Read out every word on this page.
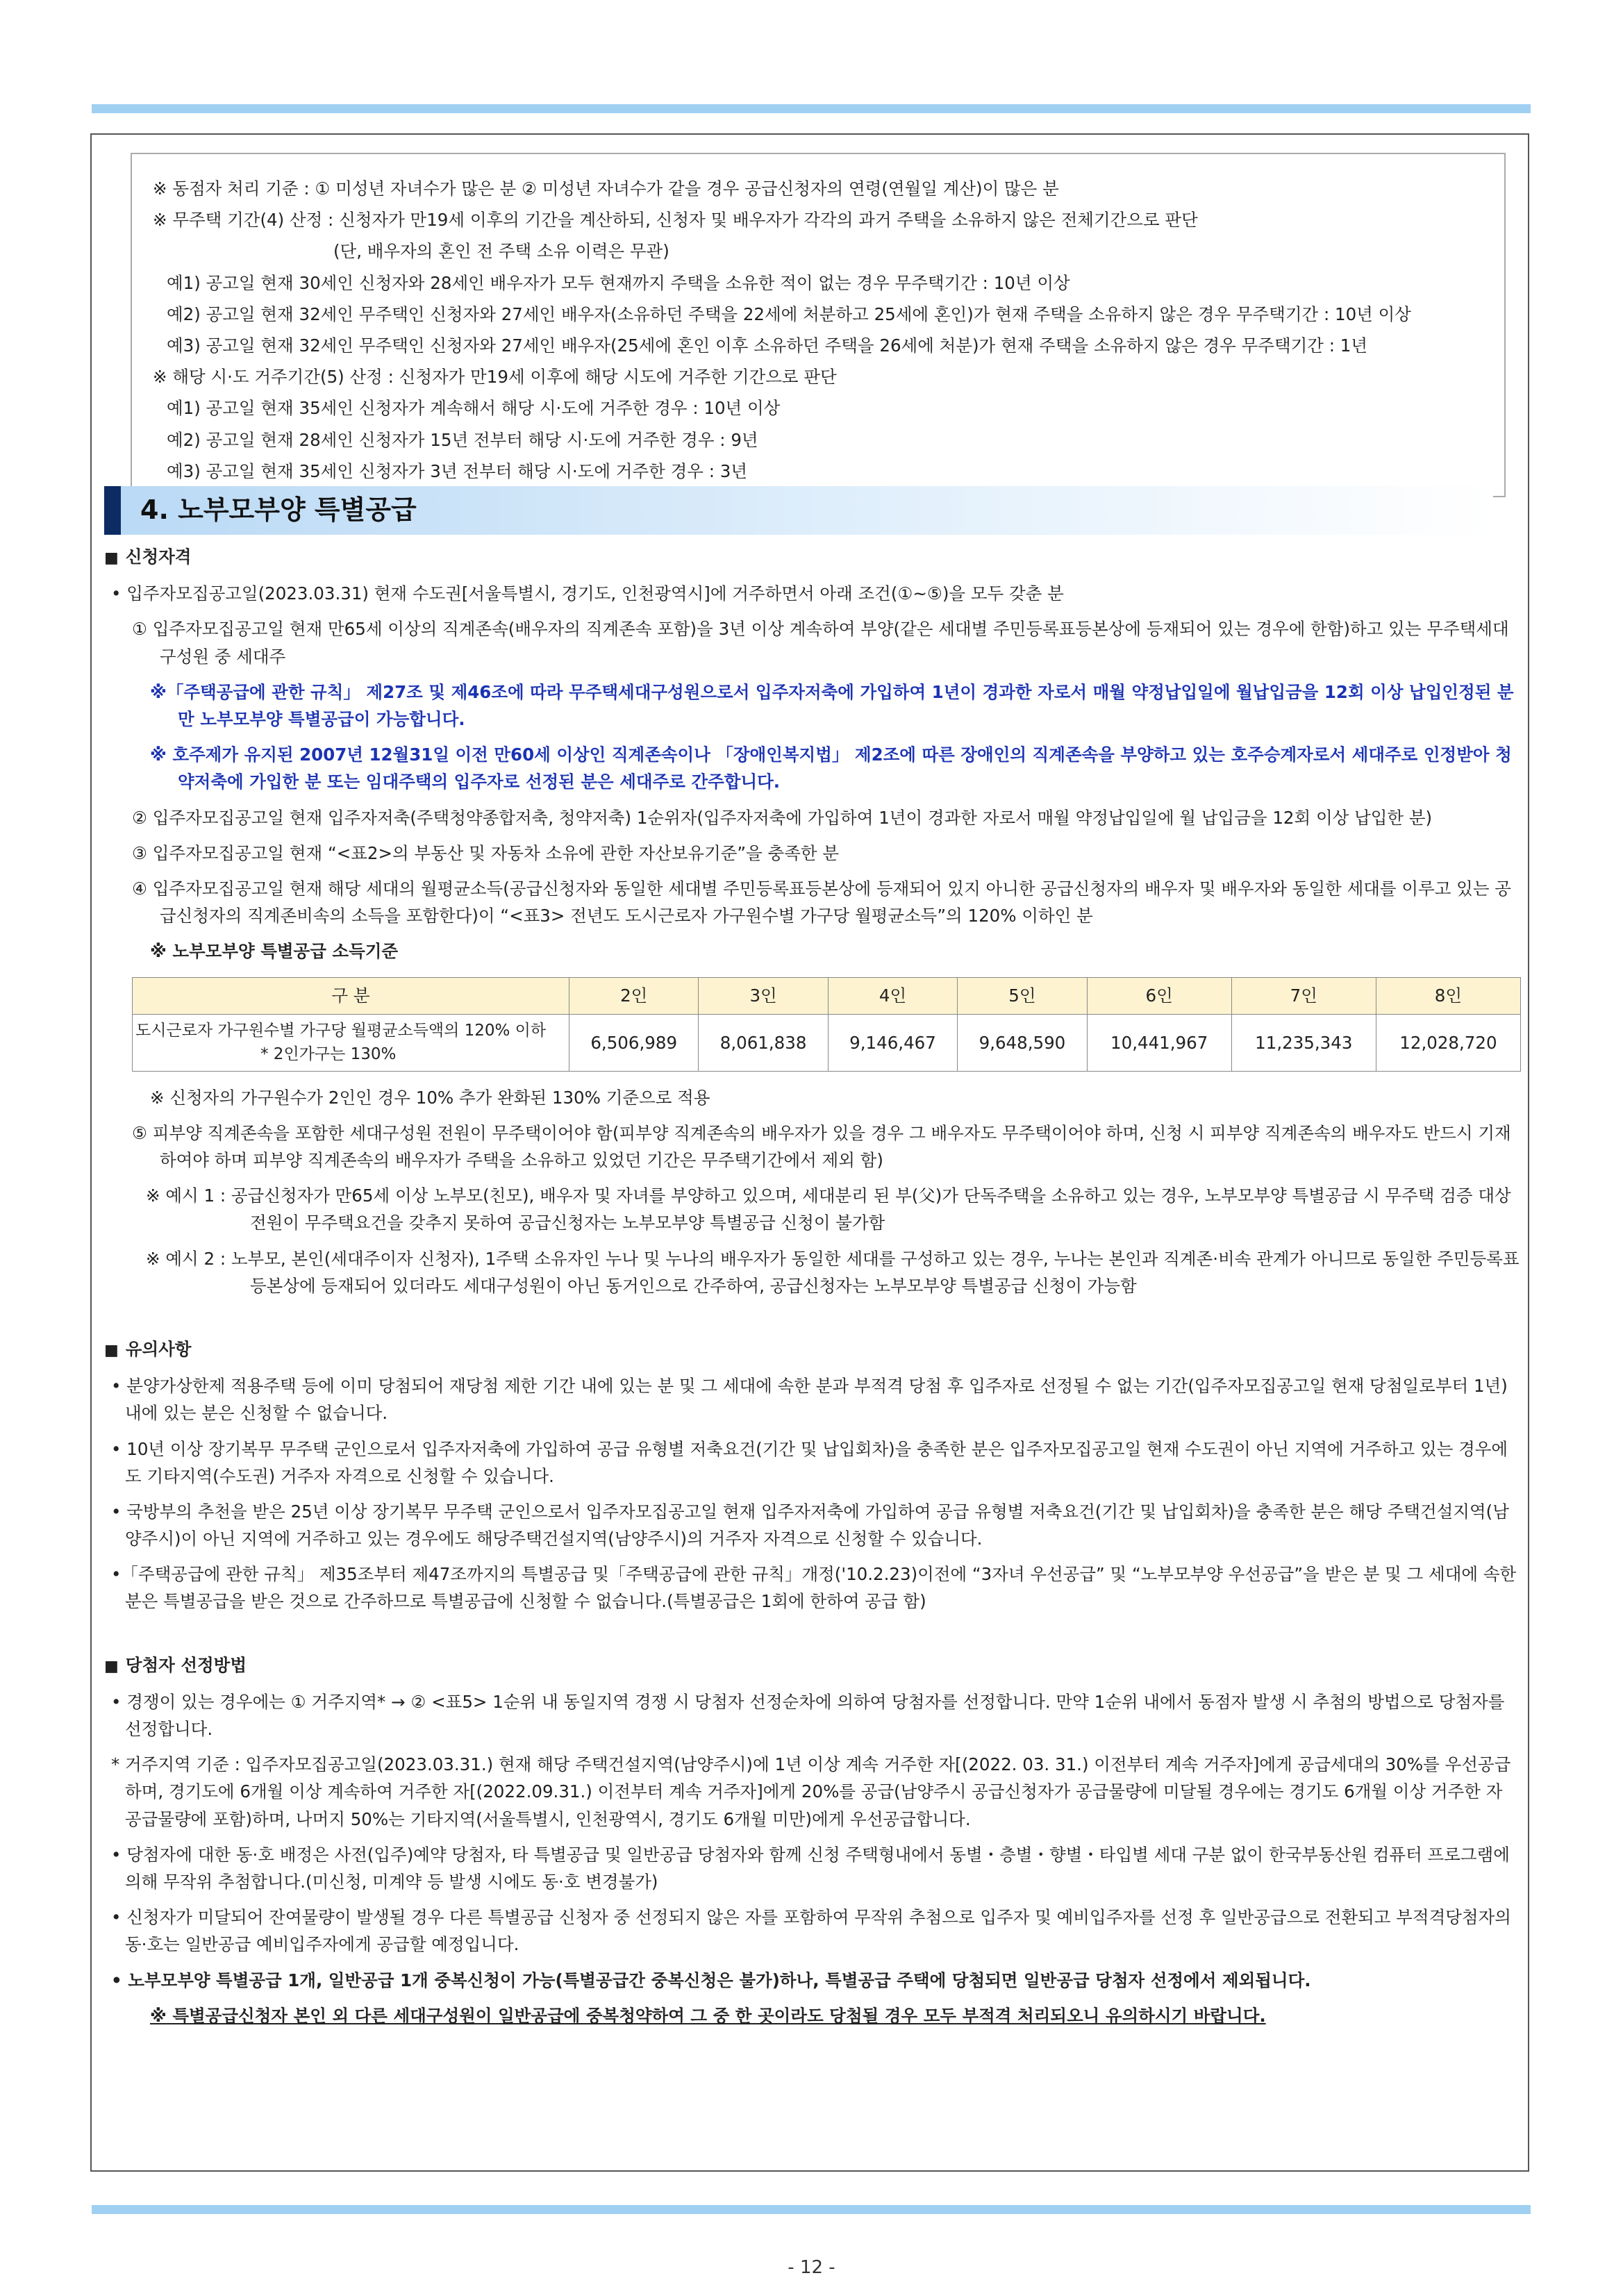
※ 동점자 처리 기준 : ① 미성년 자녀수가 많은 분 ② 미성년 자녀수가 같을 경우 공급신청자의 연령(연월일 계산)이 많은 분
※ 무주택 기간(4) 산정 : 신청자가 만19세 이후의 기간을 계산하되, 신청자 및 배우자가 각각의 과거 주택을 소유하지 않은 전체기간으로 판단
(단, 배우자의 혼인 전 주택 소유 이력은 무관)
예1) 공고일 현재 30세인 신청자와 28세인 배우자가 모두 현재까지 주택을 소유한 적이 없는 경우 무주택기간 : 10년 이상
예2) 공고일 현재 32세인 무주택인 신청자와 27세인 배우자(소유하던 주택을 22세에 처분하고 25세에 혼인)가 현재 주택을 소유하지 않은 경우 무주택기간 : 10년 이상
예3) 공고일 현재 32세인 무주택인 신청자와 27세인 배우자(25세에 혼인 이후 소유하던 주택을 26세에 처분)가 현재 주택을 소유하지 않은 경우 무주택기간 : 1년
※ 해당 시·도 거주기간(5) 산정 : 신청자가 만19세 이후에 해당 시도에 거주한 기간으로 판단
예1) 공고일 현재 35세인 신청자가 계속해서 해당 시·도에 거주한 경우 : 10년 이상
예2) 공고일 현재 28세인 신청자가 15년 전부터 해당 시·도에 거주한 경우 : 9년
예3) 공고일 현재 35세인 신청자가 3년 전부터 해당 시·도에 거주한 경우 : 3년
4. 노부모부양 특별공급
■ 신청자격
• 입주자모집공고일(2023.03.31) 현재 수도권[서울특별시, 경기도, 인천광역시]에 거주하면서 아래 조건(①~⑤)을 모두 갖춘 분
① 입주자모집공고일 현재 만65세 이상의 직계존속(배우자의 직계존속 포함)을 3년 이상 계속하여 부양(같은 세대별 주민등록표등본상에 등재되어 있는 경우에 한함)하고 있는 무주택세대구성원 중 세대주
※「주택공급에 관한 규칙」 제27조 및 제46조에 따라 무주택세대구성원으로서 입주자저축에 가입하여 1년이 경과한 자로서 매월 약정납입일에 월납입금을 12회 이상 납입인정된 분만 노부모부양 특별공급이 가능합니다.
※ 호주제가 유지된 2007년 12월31일 이전 만60세 이상인 직계존속이나 「장애인복지법」 제2조에 따른 장애인의 직계존속을 부양하고 있는 호주승계자로서 세대주로 인정받아 청약저축에 가입한 분 또는 임대주택의 입주자로 선정된 분은 세대주로 간주합니다.
② 입주자모집공고일 현재 입주자저축(주택청약종합저축, 청약저축) 1순위자(입주자저축에 가입하여 1년이 경과한 자로서 매월 약정납입일에 월 납입금을 12회 이상 납입한 분)
③ 입주자모집공고일 현재 “<표2>의 부동산 및 자동차 소유에 관한 자산보유기준”을 충족한 분
④ 입주자모집공고일 현재 해당 세대의 월평균소득(공급신청자와 동일한 세대별 주민등록표등본상에 등재되어 있지 아니한 공급신청자의 배우자 및 배우자와 동일한 세대를 이루고 있는 공급신청자의 직계존비속의 소득을 포함한다)이 “<표3> 전년도 도시근로자 가구원수별 가구당 월평균소득”의 120% 이하인 분
※ 노부모부양 특별공급 소득기준
구 분	2인	3인	4인	5인	6인	7인	8인

도시근로자 가구원수별 가구당 월평균소득액의 120% 이하
* 2인가구는 130%	6,506,989	8,061,838	9,146,467	9,648,590	10,441,967	11,235,343	12,028,720
※ 신청자의 가구원수가 2인인 경우 10% 추가 완화된 130% 기준으로 적용
⑤ 피부양 직계존속을 포함한 세대구성원 전원이 무주택이어야 함(피부양 직계존속의 배우자가 있을 경우 그 배우자도 무주택이어야 하며, 신청 시 피부양 직계존속의 배우자도 반드시 기재하여야 하며 피부양 직계존속의 배우자가 주택을 소유하고 있었던 기간은 무주택기간에서 제외 함)
※ 예시 1 : 공급신청자가 만65세 이상 노부모(친모), 배우자 및 자녀를 부양하고 있으며, 세대분리 된 부(父)가 단독주택을 소유하고 있는 경우, 노부모부양 특별공급 시 무주택 검증 대상 전원이 무주택요건을 갖추지 못하여 공급신청자는 노부모부양 특별공급 신청이 불가함
※ 예시 2 : 노부모, 본인(세대주이자 신청자), 1주택 소유자인 누나 및 누나의 배우자가 동일한 세대를 구성하고 있는 경우, 누나는 본인과 직계존·비속 관계가 아니므로 동일한 주민등록표등본상에 등재되어 있더라도 세대구성원이 아닌 동거인으로 간주하여, 공급신청자는 노부모부양 특별공급 신청이 가능함
■ 유의사항
• 분양가상한제 적용주택 등에 이미 당첨되어 재당첨 제한 기간 내에 있는 분 및 그 세대에 속한 분과 부적격 당첨 후 입주자로 선정될 수 없는 기간(입주자모집공고일 현재 당첨일로부터 1년) 내에 있는 분은 신청할 수 없습니다.
• 10년 이상 장기복무 무주택 군인으로서 입주자저축에 가입하여 공급 유형별 저축요건(기간 및 납입회차)을 충족한 분은 입주자모집공고일 현재 수도권이 아닌 지역에 거주하고 있는 경우에도 기타지역(수도권) 거주자 자격으로 신청할 수 있습니다.
• 국방부의 추천을 받은 25년 이상 장기복무 무주택 군인으로서 입주자모집공고일 현재 입주자저축에 가입하여 공급 유형별 저축요건(기간 및 납입회차)을 충족한 분은 해당 주택건설지역(남양주시)이 아닌 지역에 거주하고 있는 경우에도 해당주택건설지역(남양주시)의 거주자 자격으로 신청할 수 있습니다.
•「주택공급에 관한 규칙」 제35조부터 제47조까지의 특별공급 및「주택공급에 관한 규칙」개정('10.2.23)이전에 “3자녀 우선공급” 및 “노부모부양 우선공급”을 받은 분 및 그 세대에 속한 분은 특별공급을 받은 것으로 간주하므로 특별공급에 신청할 수 없습니다.(특별공급은 1회에 한하여 공급 함)
■ 당첨자 선정방법
• 경쟁이 있는 경우에는 ① 거주지역* → ② <표5> 1순위 내 동일지역 경쟁 시 당첨자 선정순차에 의하여 당첨자를 선정합니다. 만약 1순위 내에서 동점자 발생 시 추첨의 방법으로 당첨자를 선정합니다.
* 거주지역 기준 : 입주자모집공고일(2023.03.31.) 현재 해당 주택건설지역(남양주시)에 1년 이상 계속 거주한 자[(2022. 03. 31.) 이전부터 계속 거주자]에게 공급세대의 30%를 우선공급하며, 경기도에 6개월 이상 계속하여 거주한 자[(2022.09.31.) 이전부터 계속 거주자]에게 20%를 공급(남양주시 공급신청자가 공급물량에 미달될 경우에는 경기도 6개월 이상 거주한 자 공급물량에 포함)하며, 나머지 50%는 기타지역(서울특별시, 인천광역시, 경기도 6개월 미만)에게 우선공급합니다.
• 당첨자에 대한 동·호 배정은 사전(입주)예약 당첨자, 타 특별공급 및 일반공급 당첨자와 함께 신청 주택형내에서 동별・층별・향별・타입별 세대 구분 없이 한국부동산원 컴퓨터 프로그램에 의해 무작위 추첨합니다.(미신청, 미계약 등 발생 시에도 동·호 변경불가)
• 신청자가 미달되어 잔여물량이 발생될 경우 다른 특별공급 신청자 중 선정되지 않은 자를 포함하여 무작위 추첨으로 입주자 및 예비입주자를 선정 후 일반공급으로 전환되고 부적격당첨자의 동·호는 일반공급 예비입주자에게 공급할 예정입니다.
• 노부모부양 특별공급 1개, 일반공급 1개 중복신청이 가능(특별공급간 중복신청은 불가)하나, 특별공급 주택에 당첨되면 일반공급 당첨자 선정에서 제외됩니다.
※ 특별공급신청자 본인 외 다른 세대구성원이 일반공급에 중복청약하여 그 중 한 곳이라도 당첨될 경우 모두 부적격 처리되오니 유의하시기 바랍니다.
- 12 -
